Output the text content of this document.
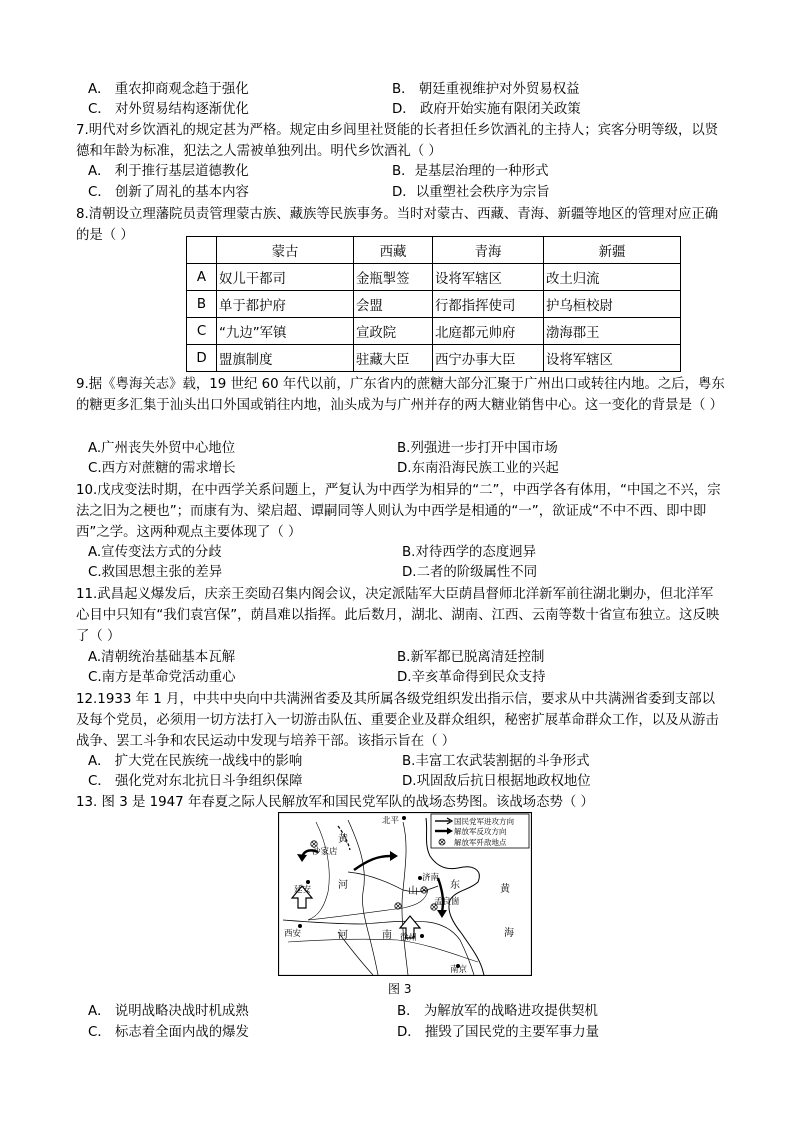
A． 重农抑商观念趋于强化	B． 朝廷重视维护对外贸易权益
C． 对外贸易结构逐渐优化	D． 政府开始实施有限闭关政策
7.明代对乡饮酒礼的规定甚为严格。规定由乡闾里社贤能的长者担任乡饮酒礼的主持人；宾客分明等级，以贤德和年龄为标准，犯法之人需被单独列出。明代乡饮酒礼（ ）
A． 利于推行基层道德教化	B．是基层治理的一种形式
C． 创新了周礼的基本内容	D．以重塑社会秩序为宗旨
8.清朝设立理藩院员责管理蒙古族、藏族等民族事务。当时对蒙古、西藏、青海、新疆等地区的管理对应正确的是（ ）
	蒙古	西藏	青海	新疆
A	奴儿干都司	金瓶掣签	设将军辖区	改土归流
B	单于都护府	会盟	行都指挥使司	护乌桓校尉
C	“九边”军镇	宣政院	北庭都元帅府	渤海郡王
D	盟旗制度	驻藏大臣	西宁办事大臣	设将军辖区
9.据《粤海关志》载，19 世纪 60 年代以前，广东省内的蔗糖大部分汇聚于广州出口或转往内地。之后，粤东的糖更多汇集于汕头出口外国或销往内地，汕头成为与广州并存的两大糖业销售中心。这一变化的背景是（ ）
A.广州丧失外贸中心地位	B.列强进一步打开中国市场
C.西方对蔗糖的需求增长	D.东南沿海民族工业的兴起
10.戊戌变法时期，在中西学关系问题上，严复认为中西学为相异的“二”，中西学各有体用，“中国之不兴，宗法之旧为之梗也”；而康有为、梁启超、谭嗣同等人则认为中西学是相通的“一”，欲证成“不中不西、即中即西”之学。这两种观点主要体现了（ ）
A.宣传变法方式的分歧	B.对待西学的态度迥异
C.救国思想主张的差异	D.二者的阶级属性不同
11.武昌起义爆发后，庆亲王奕劻召集内阁会议，决定派陆军大臣荫昌督师北洋新军前往湖北剿办，但北洋军心目中只知有“我们袁宫保”，荫昌难以指挥。此后数月，湖北、湖南、江西、云南等数十省宣布独立。这反映了（ ）
A.清朝统治基础基本瓦解	B.新军都已脱离清廷控制
C.南方是革命党活动重心	D.辛亥革命得到民众支持
12.1933 年 1 月，中共中央向中共满洲省委及其所属各级党组织发出指示信，要求从中共满洲省委到支部以及每个党员，必须用一切方法打入一切游击队伍、重要企业及群众组织，秘密扩展革命群众工作，以及从游击战争、罢工斗争和农民运动中发现与培养干部。该指示旨在（ ）
A． 扩大党在民族统一战线中的影响	B.丰富工农武装割据的斗争形式
C． 强化党对东北抗日斗争组织保障	D.巩固敌后抗日根据地政权地位
13. 图 3 是 1947 年春夏之际人民解放军和国民党军队的战场态势图。该战场态势（ ）
国民党军进攻方向
解放军反攻方向
解放军歼敌地点
北平
沙家店
延安
济南
孟良崮
徐州
西安
南京
黄
河
山
东	黄
海
河	南
图 3
A． 说明战略决战时机成熟	B． 为解放军的战略进攻提供契机
C． 标志着全面内战的爆发	D． 摧毁了国民党的主要军事力量
